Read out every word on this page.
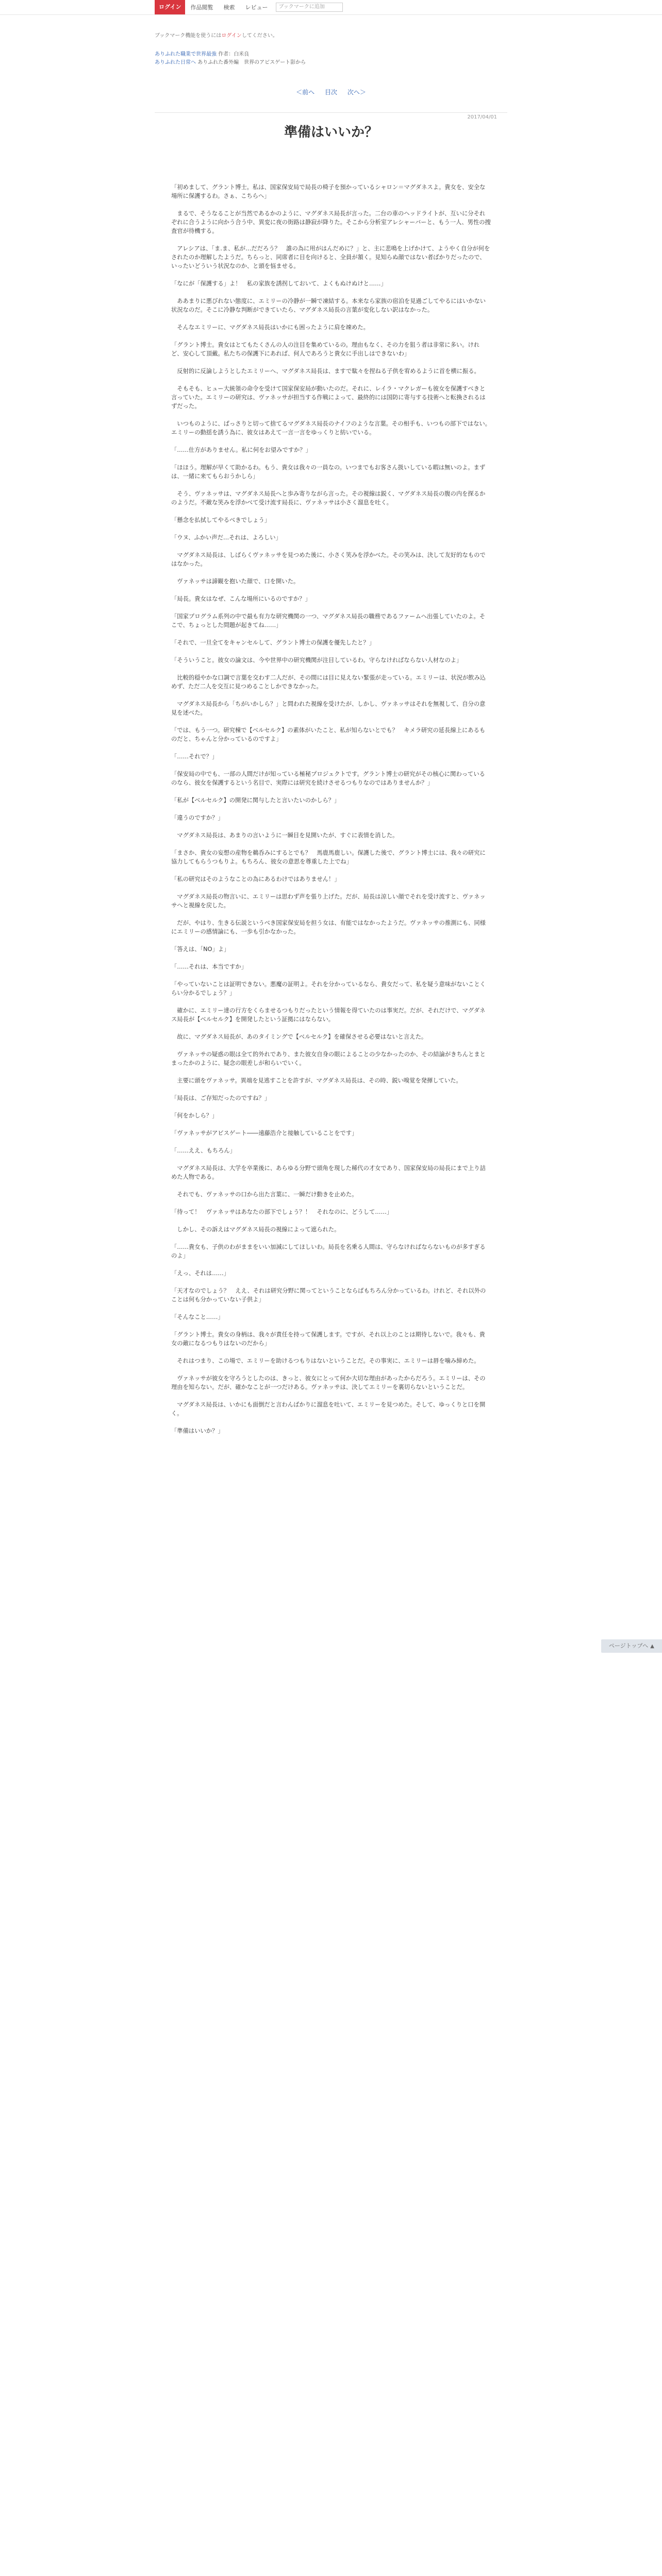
ログイン	作品閲覧	検索	レビュー	ブックマークに追加
ブックマーク機能を使うにはログインしてください。
ありふれた職業で世界最強 作者：白米良
ありふれた日常へ ありふれた番外編　世界のアビスゲート影から
＜前へ 目次 次へ＞
2017/04/01
準備はいいか？

「初めまして、グラント博士。私は、国家保安局で局長の椅子を預かっているシャロン＝マグダネスよ。貴女を、安全な場所に保護するわ。さぁ、こちらへ」

　まるで、そうなることが当然であるかのように、マグダネス局長が言った。二台の車のヘッドライトが、互いに分それぞれに合うように向かう合う中、異変に夜の街路は静寂が降りた。そこから分析室アレシャーバーと、もう一人、男性の捜査官が待機する。

　アレシアは、「ま.ま、私が…だだろう？　誰の為に用がはんだめに？」と、主に悲鳴を上げかけて、ようやく自分が何をされたのか理解したようだ。ちらっと、同席者に目を向けると、全員が頷く。見知らぬ顔ではない者ばかりだったので、いったいどういう状況なのか、と頭を悩ませる。

「なにが「保護する」よ！　私の家族を誘拐しておいて、よくもぬけぬけと……」

　ああまりに悪びれない態度に、エミリーの冷静が一瞬で凍結する。本来なら家族の宿泊を見過ごしてやるにはいかない状況なのだ。そこに冷静な判断ができていたら、マグダネス局長の言葉が変化しない訳はなかった。

　そんなエミリーに、マグダネス局長はいかにも困ったように肩を竦めた。

「グラント博士。貴女はとてもたくさんの人の注目を集めているの。理由もなく、その力を狙う者は非常に多い。けれど、安心して頂戴。私たちの保護下にあれば、何人であろうと貴女に手出しはできないわ」

　反射的に反論しようとしたエミリーへ、マグダネス局長は、ますで駄々を捏ねる子供を宥めるように首を横に振る。

　そもそも、ヒュー大統領の命令を受けて国家保安局が動いたのだ。それに、レイラ・マクレガーも彼女を保護すべきと言っていた。エミリーの研究は、ヴァネッサが担当する作戦によって、最終的には国防に寄与する技術へと転換されるはずだった。

　いつものように、ばっさりと切って捨てるマグダネス局長のナイフのような言葉。その相手も、いつもの部下ではない。エミリーの動揺を誘う為に、彼女はあえて一言一言をゆっくりと紡いでいる。

「……仕方がありません。私に何をお望みですか？」

「ほほう。理解が早くて助かるわ。もう、貴女は我々の一員なの。いつまでもお客さん扱いしている暇は無いのよ。まずは、一緒に来てもらおうかしら」

　そう、ヴァネッサは、マグダネス局長へと歩み寄りながら言った。その視線は鋭く、マグダネス局長の腹の内を探るかのようだ。不敵な笑みを浮かべて受け流す局長に、ヴァネッサは小さく溜息を吐く。

「懸念を払拭してやるべきでしょう」

「ウヌ、ふかい声だ…それは、よろしい」

　マグダネス局長は、しばらくヴァネッサを見つめた後に、小さく笑みを浮かべた。その笑みは、決して友好的なものではなかった。

　ヴァネッサは諦観を抱いた顔で、口を開いた。

「局長。貴女はなぜ、こんな場所にいるのですか？」

「国家プログラム系列の中で最も有力な研究機関の一つ、マグダネス局長の職務であるファームへ出張していたのよ。そこで、ちょっとした問題が起きてね……」

「それで、一旦全てをキャンセルして、グラント博士の保護を優先したと？」

「そういうこと。彼女の論文は、今や世界中の研究機関が注目しているわ。守らなければならない人材なのよ」

　比較的穏やかな口調で言葉を交わす二人だが、その間には目に見えない緊張が走っている。エミリーは、状況が飲み込めず、ただ二人を交互に見つめることしかできなかった。

　マグダネス局長から「ちがいかしら？」と問われた視線を受けたが、しかし、ヴァネッサはそれを無視して、自分の意見を述べた。

「では、もう一つ。研究棟で【ベルセルク】の素体がいたこと、私が知らないとでも？　キメラ研究の延長線上にあるものだと、ちゃんと分かっているのですよ」

「……それで？」

「保安局の中でも、一部の人間だけが知っている極秘プロジェクトです。グラント博士の研究がその核心に関わっているのなら、彼女を保護するという名目で、実際には研究を続けさせるつもりなのではありませんか？」

「私が【ベルセルク】の開発に関与したと言いたいのかしら？」

「違うのですか？」

　マグダネス局長は、あまりの言いように一瞬目を見開いたが、すぐに表情を消した。

「まさか、貴女の妄想の産物を鵜呑みにするとでも？　馬鹿馬鹿しい。保護した後で、グラント博士には、我々の研究に協力してもらうつもりよ。もちろん、彼女の意思を尊重した上でね」

「私の研究はそのようなことの為にあるわけではありません！」

　マグダネス局長の物言いに、エミリーは思わず声を張り上げた。だが、局長は涼しい顔でそれを受け流すと、ヴァネッサへと視線を戻した。

　だが、やはり、生きる伝説というべき国家保安局を担う女は、有能ではなかったようだ。ヴァネッサの推測にも、同様にエミリーの感情論にも、一歩も引かなかった。

「答えは、「NO」よ」

「……それは、本当ですか」

「やっていないことは証明できない。悪魔の証明よ。それを分かっているなら、貴女だって、私を疑う意味がないことくらい分かるでしょう？」

　確かに、エミリー達の行方をくらませるつもりだったという情報を得ていたのは事実だ。だが、それだけで、マグダネス局長が【ベルセルク】を開発したという証拠にはならない。

　故に、マグダネス局長が、あのタイミングで【ベルセルク】を確保させる必要はないと言えた。

　ヴァネッサの疑惑の眼は全て的外れであり、また彼女自身の眼によることの少なかったのか、その結論がきちんとまとまったかのように、疑念の眼差しが和らいでいく。

　主要に頭をヴァネッサ。異端を見逃すことを許すが、マグダネス局長は、その時、鋭い嗅覚を発揮していた。

「局長は、ご存知だったのですね？」

「何をかしら？」

「ヴァネッサがアビスゲート――遠藤浩介と接触していることをです」

「……ええ、もちろん」

　マグダネス局長は、大学を卒業後に、あらゆる分野で頭角を現した稀代の才女であり、国家保安局の局長にまで上り詰めた人物である。

　それでも、ヴァネッサの口から出た言葉に、一瞬だけ動きを止めた。

「待って！　ヴァネッサはあなたの部下でしょう？！　それなのに、どうして……」

　しかし、その訴えはマグダネス局長の視線によって遮られた。

「……貴女も、子供のわがままをいい加減にしてほしいわ。局長を名乗る人間は、守らなければならないものが多すぎるのよ」

「えっ、それは……」

「天才なのでしょう？　ええ、それは研究分野に関ってということならばもちろん分かっているわ。けれど、それ以外のことは何も分かっていない子供よ」

「そんなこと……」

「グラント博士。貴女の身柄は、我々が責任を持って保護します。ですが、それ以上のことは期待しないで。我々も、貴女の敵になるつもりはないのだから」

　それはつまり、この場で、エミリーを助けるつもりはないということだ。その事実に、エミリーは唇を噛み締めた。

　ヴァネッサが彼女を守ろうとしたのは、きっと、彼女にとって何か大切な理由があったからだろう。エミリーは、その理由を知らない。だが、確かなことが一つだけある。ヴァネッサは、決してエミリーを裏切らないということだ。

　マグダネス局長は、いかにも面倒だと言わんばかりに溜息を吐いて、エミリーを見つめた。そして、ゆっくりと口を開く。

「準備はいいか？」

ページトップへ ▲
